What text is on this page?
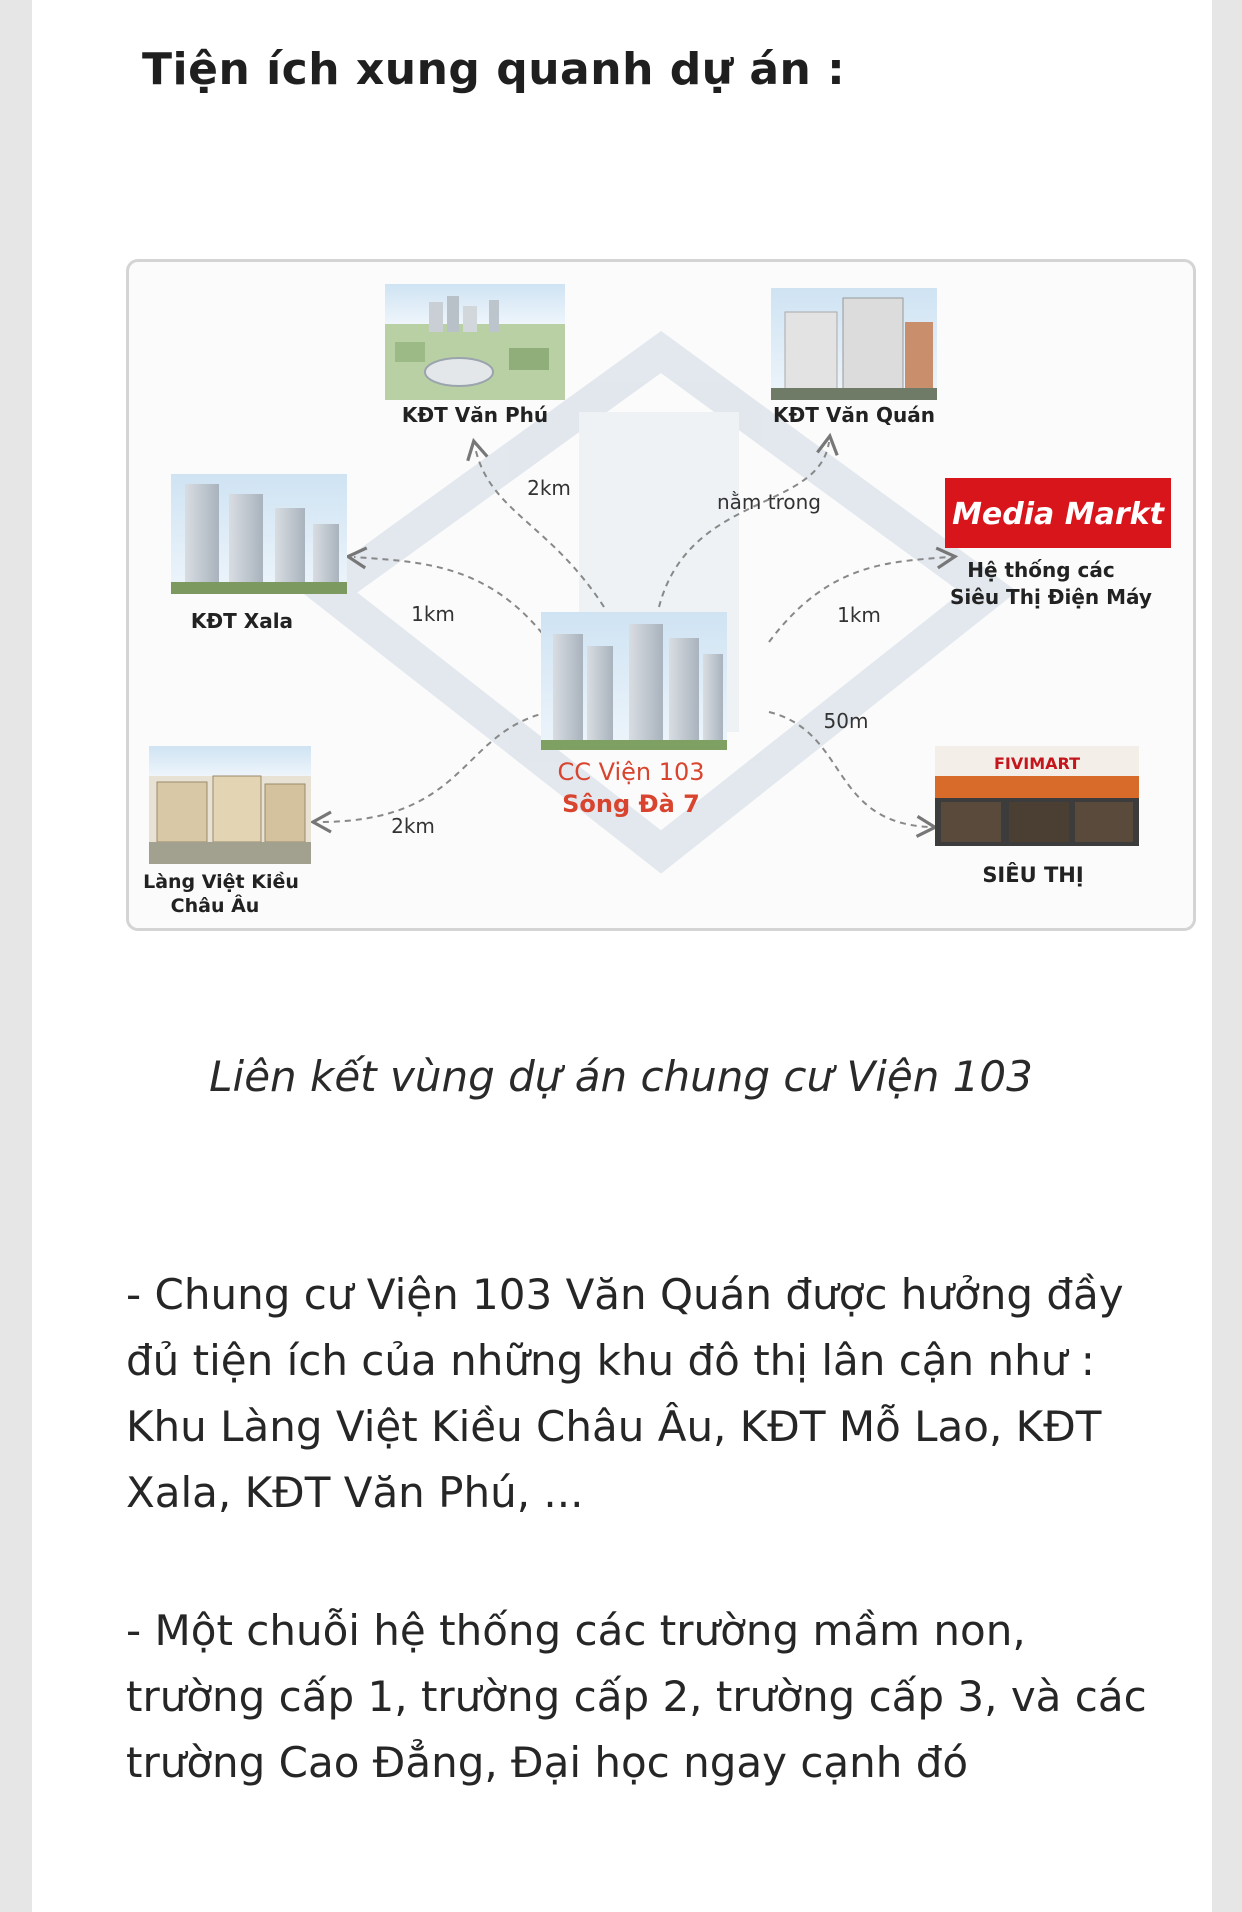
Tiện ích xung quanh dự án :
KĐT Văn Phú
2km
KĐT Văn Quán
nằm trong
KĐT Xala	1km
Media Markt
Hệ thống các
Siêu Thị Điện Máy
1km
CC Viện 103
Sông Đà 7
Làng Việt Kiều
Châu Âu
2km
FIVIMART
SIÊU THỊ
50m
Liên kết vùng dự án chung cư Viện 103

- Chung cư Viện 103 Văn Quán được hưởng đầy đủ tiện ích của những khu đô thị lân cận như : Khu Làng Việt Kiều Châu Âu, KĐT Mỗ Lao, KĐT Xala, KĐT Văn Phú, ...

- Một chuỗi hệ thống các trường mầm non, trường cấp 1, trường cấp 2, trường cấp 3, và các trường Cao Đẳng, Đại học ngay cạnh đó
